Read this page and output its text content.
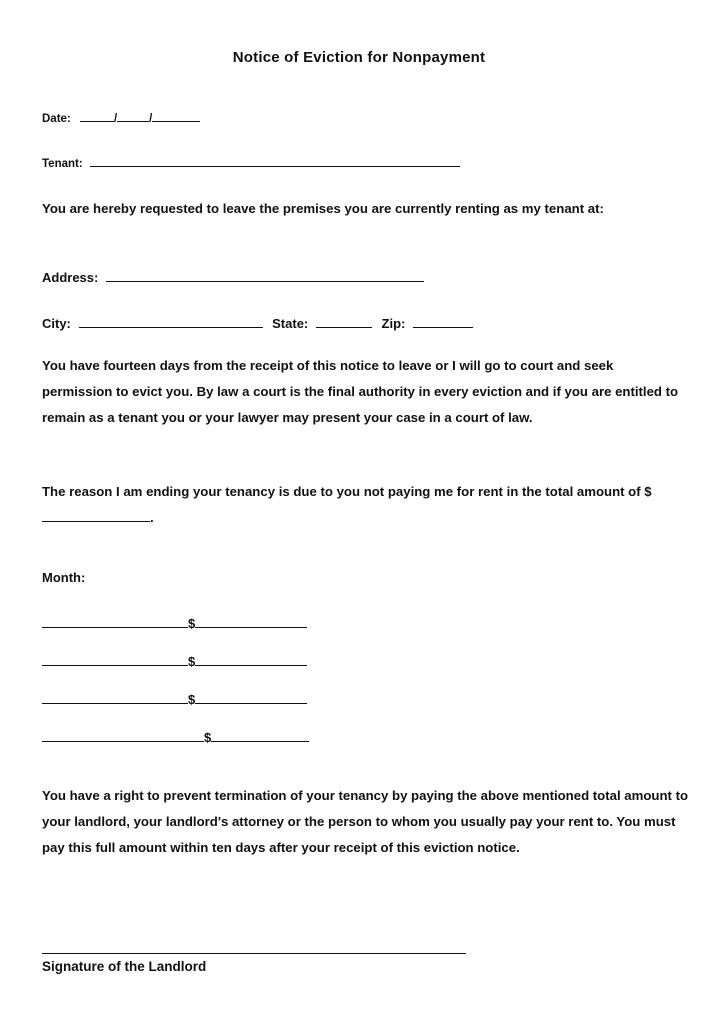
Notice of Eviction for Nonpayment
Date:	/	/
Tenant:
You are hereby requested to leave the premises you are currently renting as my tenant at:
Address:
City:	State:	Zip:
You have fourteen days from the receipt of this notice to leave or I will go to court and seek permission to evict you. By law a court is the final authority in every eviction and if you are entitled to remain as a tenant you or your lawyer may present your case in a court of law.
The reason I am ending your tenancy is due to you not paying me for rent in the total amount of $.
Month:
$
$
$
$
You have a right to prevent termination of your tenancy by paying the above mentioned total amount to your landlord, your landlord's attorney or the person to whom you usually pay your rent to. You must pay this full amount within ten days after your receipt of this eviction notice.
Signature of the Landlord
